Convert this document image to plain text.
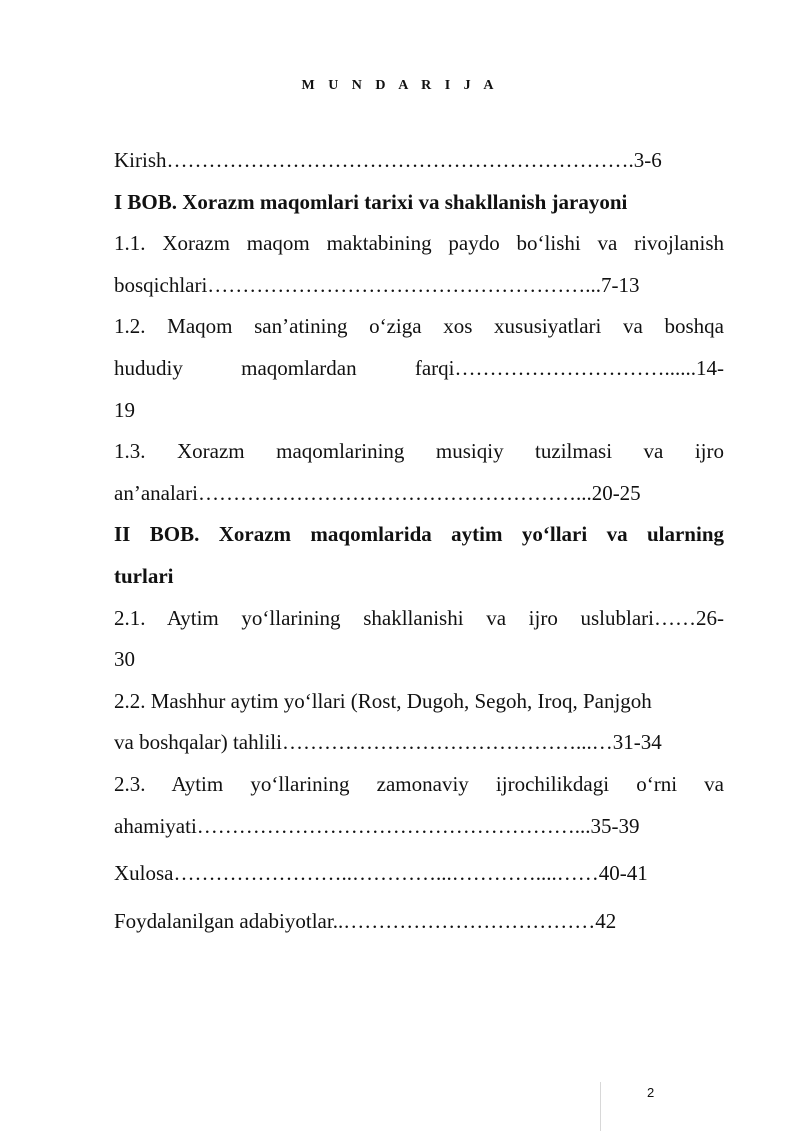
M U N D A R I J A

Kirish………………………………………………………….3-6

I BOB. Xorazm maqomlari tarixi va shakllanish jarayoni

1.1. Xorazm maqom maktabining paydo bo‘lishi va rivojlanish

bosqichlari………………………………………………...7-13

1.2. Maqom san’atining o‘ziga xos xususiyatlari va boshqa

hududiy maqomlardan farqi…………………………......14-

19

1.3. Xorazm maqomlarining musiqiy tuzilmasi va ijro

an’analari………………………………………………...20-25

II BOB. Xorazm maqomlarida aytim yo‘llari va ularning

turlari

2.1. Aytim yo‘llarining shakllanishi va ijro uslublari……26-

30

2.2. Mashhur aytim yo‘llari (Rost, Dugoh, Segoh, Iroq, Panjgoh

va boshqalar) tahlili……………………………………...…31-34

2.3. Aytim yo‘llarining zamonaviy ijrochilikdagi o‘rni va

ahamiyati………………………………………………...35-39

Xulosa……………………..…………...…………....……40-41

Foydalanilgan adabiyotlar..………………………………42

2
